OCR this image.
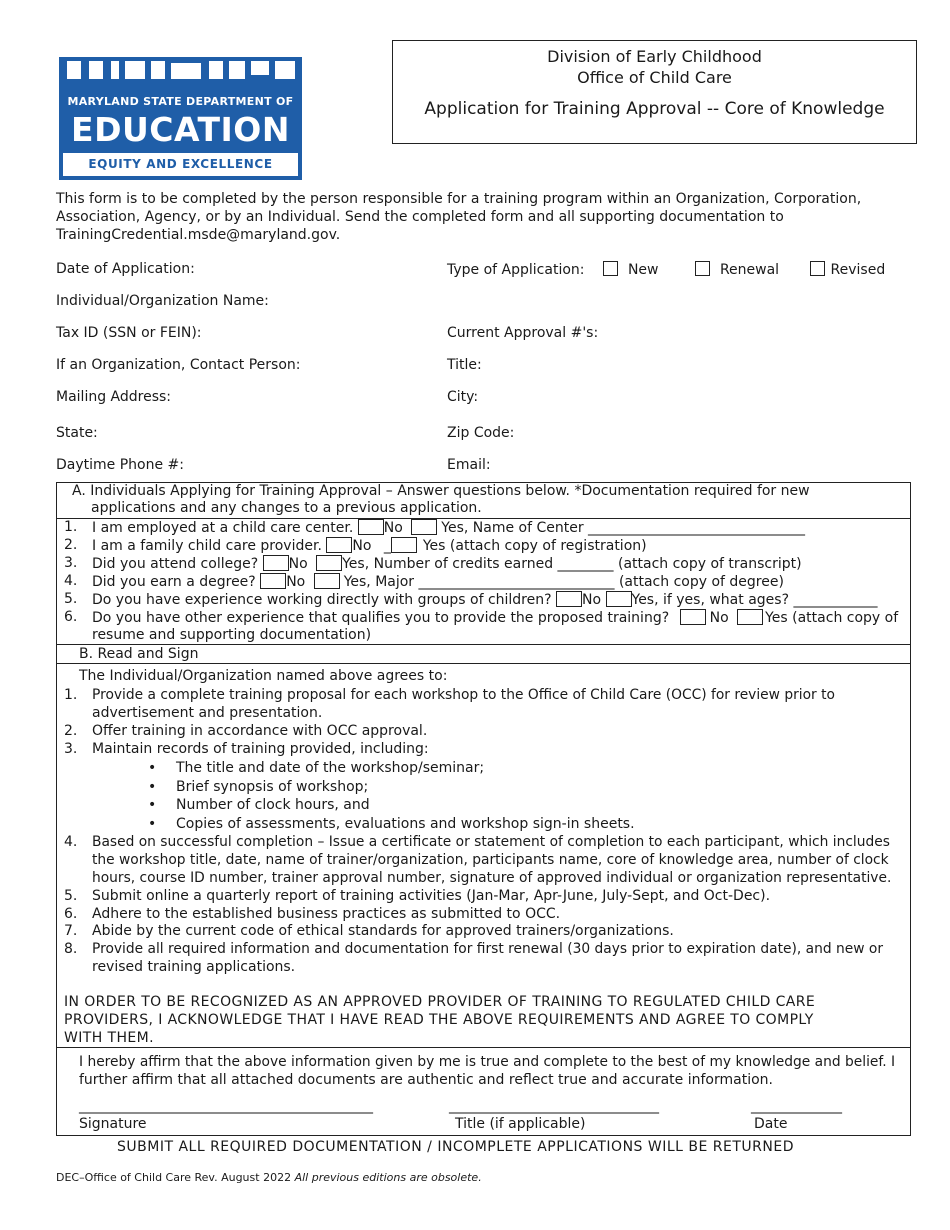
MARYLAND STATE DEPARTMENT OF
EDUCATION
EQUITY AND EXCELLENCE
Division of Early Childhood
Office of Child Care
Application for Training Approval -- Core of Knowledge
This form is to be completed by the person responsible for a training program within an Organization, Corporation,
Association, Agency, or by an Individual. Send the completed form and all supporting documentation to
TrainingCredential.msde@maryland.gov.
Date of Application:	Type of Application:	New	Renewal	Revised
Individual/Organization Name:
Tax ID (SSN or FEIN):	Current Approval #'s:
If an Organization, Contact Person:	Title:
Mailing Address:	City:
State:	Zip Code:
Daytime Phone #:	Email:
A. Individuals Applying for Training Approval – Answer questions below. *Documentation required for new
applications and any changes to a previous application.
1. I am employed at a child care center. No	Yes, Name of Center _______________________________
2. I am a family child care provider. No _ Yes (attach copy of registration)
3. Did you attend college? No Yes, Number of credits earned ________ (attach copy of transcript)
4. Did you earn a degree? No	Yes, Major ____________________________ (attach copy of degree)
5. Do you have experience working directly with groups of children? No Yes, if yes, what ages? ____________
6. Do you have other experience that qualifies you to provide the proposed training?	No	Yes (attach copy of
resume and supporting documentation)
B. Read and Sign
The Individual/Organization named above agrees to:
1. Provide a complete training proposal for each workshop to the Office of Child Care (OCC) for review prior to
advertisement and presentation.
2. Offer training in accordance with OCC approval.
3. Maintain records of training provided, including:
• The title and date of the workshop/seminar;
• Brief synopsis of workshop;
• Number of clock hours, and
• Copies of assessments, evaluations and workshop sign-in sheets.
4. Based on successful completion – Issue a certificate or statement of completion to each participant, which includes
the workshop title, date, name of trainer/organization, participants name, core of knowledge area, number of clock
hours, course ID number, trainer approval number, signature of approved individual or organization representative.
5. Submit online a quarterly report of training activities (Jan-Mar, Apr-June, July-Sept, and Oct-Dec).
6. Adhere to the established business practices as submitted to OCC.
7. Abide by the current code of ethical standards for approved trainers/organizations.
8. Provide all required information and documentation for first renewal (30 days prior to expiration date), and new or
revised training applications.
IN ORDER TO BE RECOGNIZED AS AN APPROVED PROVIDER OF TRAINING TO REGULATED CHILD CARE
PROVIDERS, I ACKNOWLEDGE THAT I HAVE READ THE ABOVE REQUIREMENTS AND AGREE TO COMPLY
WITH THEM.
I hereby affirm that the above information given by me is true and complete to the best of my knowledge and belief. I
further affirm that all attached documents are authentic and reflect true and accurate information.
__________________________________________	______________________________	_____________
Signature	Title (if applicable)	Date
SUBMIT ALL REQUIRED DOCUMENTATION / INCOMPLETE APPLICATIONS WILL BE RETURNED
DEC–Office of Child Care Rev. August 2022 All previous editions are obsolete.
